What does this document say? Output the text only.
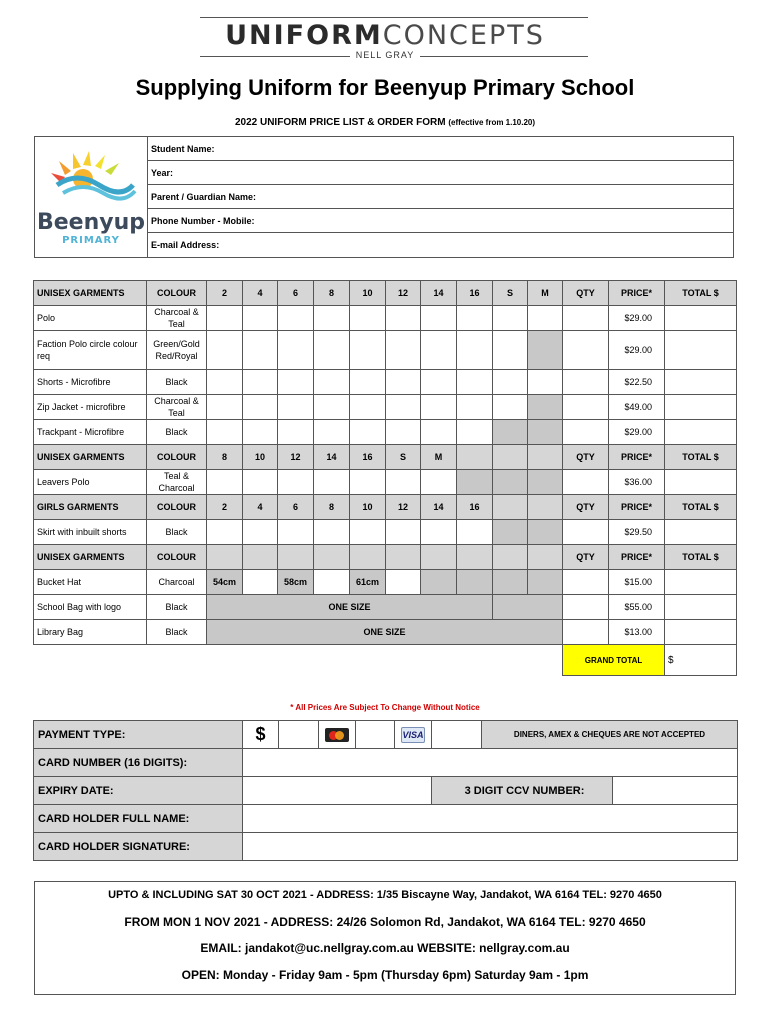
UNIFORMCONCEPTS
NELL GRAY
Supplying Uniform for Beenyup Primary School
2022 UNIFORM PRICE LIST & ORDER FORM (effective from 1.10.20)
Beenyup
PRIMARY
Student Name:
Year:
Parent / Guardian Name:
Phone Number - Mobile:
E-mail Address:
UNISEX GARMENTS	COLOUR	2	4	6	8	10	12	14	16	S	M	QTY	PRICE*	TOTAL $
Polo	Charcoal & Teal												$29.00	
Faction Polo circle colour req	Green/Gold Red/Royal												$29.00	
Shorts - Microfibre	Black												$22.50	
Zip Jacket - microfibre	Charcoal & Teal												$49.00	
Trackpant - Microfibre	Black												$29.00	
UNISEX GARMENTS	COLOUR	8	10	12	14	16	S	M				QTY	PRICE*	TOTAL $
Leavers Polo	Teal & Charcoal												$36.00	
GIRLS GARMENTS	COLOUR	2	4	6	8	10	12	14	16			QTY	PRICE*	TOTAL $
Skirt with inbuilt shorts	Black												$29.50	
UNISEX GARMENTS	COLOUR											QTY	PRICE*	TOTAL $
Bucket Hat	Charcoal	54cm		58cm		61cm							$15.00	
School Bag with logo	Black	ONE SIZE											$55.00	
Library Bag	Black	ONE SIZE											$13.00	
												GRAND TOTAL		$
* All Prices Are Subject To Change Without Notice
PAYMENT TYPE:	$				VISA		DINERS, AMEX & CHEQUES ARE NOT ACCEPTED
CARD NUMBER (16 DIGITS):							
EXPIRY DATE:						3 DIGIT CCV NUMBER:	

CARD HOLDER FULL NAME:							
CARD HOLDER SIGNATURE:							
UPTO & INCLUDING SAT 30 OCT 2021 - ADDRESS: 1/35 Biscayne Way, Jandakot, WA 6164 TEL: 9270 4650
FROM MON 1 NOV 2021 - ADDRESS: 24/26 Solomon Rd, Jandakot, WA 6164 TEL: 9270 4650
EMAIL: jandakot@uc.nellgray.com.au WEBSITE: nellgray.com.au
OPEN: Monday - Friday 9am - 5pm (Thursday 6pm) Saturday 9am - 1pm
